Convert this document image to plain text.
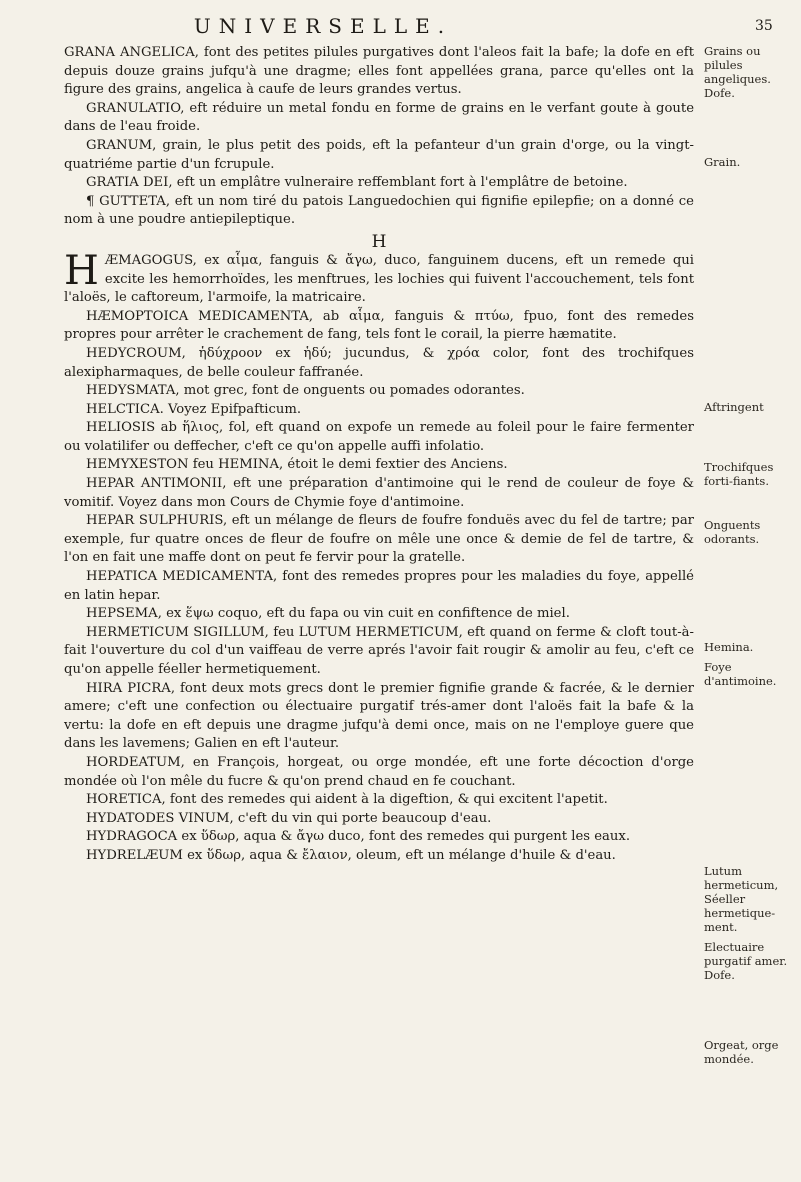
UNIVERSELLE.	35

GRANA ANGELICA, font des petites pilules purgatives dont l'aleos fait la bafe; la dofe en eft depuis douze grains jufqu'à une dragme; elles font appellées grana, parce qu'elles ont la figure des grains, angelica à caufe de leurs grandes vertus.

GRANULATIO, eft réduire un metal fondu en forme de grains en le verfant goute à goute dans de l'eau froide.

GRANUM, grain, le plus petit des poids, eft la pefanteur d'un grain d'orge, ou la vingt-quatriéme partie d'un fcrupule.

GRATIA DEI, eft un emplâtre vulneraire reffemblant fort à l'emplâtre de betoine.

¶ GUTTETA, eft un nom tiré du patois Languedochien qui fignifie epilepfie; on a donné ce nom à une poudre antiepileptique.

H

HÆMAGOGUS, ex αἷμα, fanguis & ἄγω, duco, fanguinem ducens, eft un remede qui excite les hemorrhoïdes, les menftrues, les lochies qui fuivent l'accouchement, tels font l'aloës, le caftoreum, l'armoife, la matricaire.

HÆMOPTOICA MEDICAMENTA, ab αἷμα, fanguis & πτύω, fpuo, font des remedes propres pour arrêter le crachement de fang, tels font le corail, la pierre hæmatite.

HEDYCROUM, ἡδύχροον ex ἡδύ; jucundus, & χρόα color, font des trochifques alexipharmaques, de belle couleur faffranée.

HEDYSMATA, mot grec, font de onguents ou pomades odorantes.

HELCTICA. Voyez Epifpafticum.

HELIOSIS ab ἥλιος, fol, eft quand on expofe un remede au foleil pour le faire fermenter ou volatilifer ou deffecher, c'eft ce qu'on appelle auffi infolatio.

HEMYXESTON feu HEMINA, étoit le demi fextier des Anciens.

HEPAR ANTIMONII, eft une préparation d'antimoine qui le rend de couleur de foye & vomitif. Voyez dans mon Cours de Chymie foye d'antimoine.

HEPAR SULPHURIS, eft un mélange de fleurs de foufre fonduës avec du fel de tartre; par exemple, fur quatre onces de fleur de foufre on mêle une once & demie de fel de tartre, & l'on en fait une maffe dont on peut fe fervir pour la gratelle.

HEPATICA MEDICAMENTA, font des remedes propres pour les maladies du foye, appellé en latin hepar.

HEPSEMA, ex ἕψω coquo, eft du fapa ou vin cuit en confiftence de miel.

HERMETICUM SIGILLUM, feu LUTUM HERMETICUM, eft quand on ferme & cloft tout-à-fait l'ouverture du col d'un vaiffeau de verre aprés l'avoir fait rougir & amolir au feu, c'eft ce qu'on appelle féeller hermetiquement.

HIRA PICRA, font deux mots grecs dont le premier fignifie grande & facrée, & le dernier amere; c'eft une confection ou électuaire purgatif trés-amer dont l'aloës fait la bafe & la vertu: la dofe en eft depuis une dragme jufqu'à demi once, mais on ne l'employe guere que dans les lavemens; Galien en eft l'auteur.

HORDEATUM, en François, horgeat, ou orge mondée, eft une forte décoction d'orge mondée où l'on mêle du fucre & qu'on prend chaud en fe couchant.

HORETICA, font des remedes qui aident à la digeftion, & qui excitent l'apetit.

HYDATODES VINUM, c'eft du vin qui porte beaucoup d'eau.

HYDRAGOCA ex ὕδωρ, aqua & ἄγω duco, font des remedes qui purgent les eaux.

HYDRELÆUM ex ὕδωρ, aqua & ἔλαιον, oleum, eft un mélange d'huile & d'eau.

Grains ou pilules angeliques.
Dofe.
Grain.
Aftringent
Trochifques forti-fiants.
Onguents odorants.
Hemina.
Foye d'antimoine.
Lutum hermeticum,
Séeller hermetique-ment.
Electuaire purgatif amer.
Dofe.
Orgeat, orge mondée.
